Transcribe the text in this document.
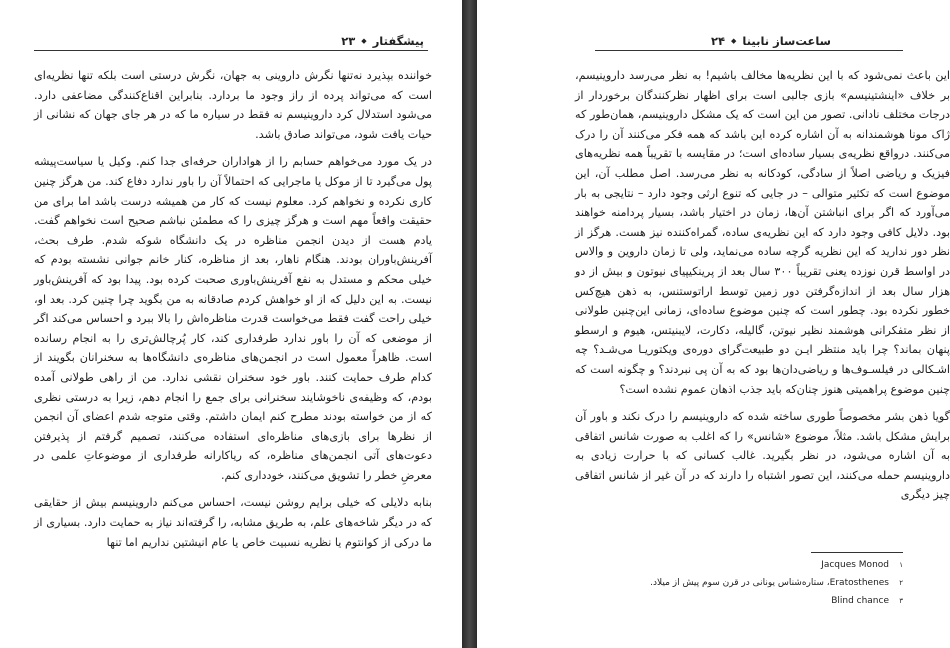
پیشگفتار
◆
۲۳

خواننده بپذیرد نه‌تنها نگرش داروینی به جهان، نگرش درستی است بلکه تنها نظریه‌ای است که می‌تواند پرده از راز وجود ما بردارد. بنابراین اقناع‌کنندگی مضاعفی دارد. می‌شود استدلال کرد داروینیسم نه فقط در سیاره‌ ما که در هر جای جهان که نشانی از حیات یافت شود، می‌تواند صادق باشد.

در یک مورد می‌خواهم حسابم را از هواداران حرفه‌ای جدا کنم. وکیل یا سیاست‌پیشه پول می‌گیرد تا از موکل یا ماجرایی که احتمالاً آن را باور ندارد دفاع کند. من هرگز چنین کاری نکرده و نخواهم کرد. معلوم نیست که کار من همیشه درست باشد اما برای من حقیقت واقعاً مهم است و هرگز چیزی را که مطمئن نباشم صحیح است نخواهم گفت. یادم هست از دیدن انجمن مناظره در یک دانشگاه شوکه شدم. طرف بحث، آفرینش‌باوران بودند. هنگام ناهار، بعد از مناظره، کنار خانم جوانی نشسته بودم که خیلی محکم و مستدل به نفع آفرینش‌باوری صحبت کرده بود. پیدا بود که آفرینش‌باور نیست. به این دلیل که از او خواهش کردم صادقانه به من بگوید چرا چنین کرد. بعد او، خیلی راحت گفت فقط می‌خواست قدرت مناظره‌اش را بالا ببرد و احساس می‌کند اگر از موضعی که آن را باور ندارد طرفداری کند، کار پُرچالش‌تری را به انجام رسانده است. ظاهراً معمول است در انجمن‌های مناظره‌ی دانشگاه‌ها به سخنرانان بگویند از کدام طرف حمایت کنند. باور خود سخنران نقشی ندارد. من از راهی طولانی آمده بودم، که وظیفه‌ی ناخوشایند سخنرانی برای جمع را انجام دهم، زیرا به درستی نظری که از من خواسته بودند مطرح کنم ایمان داشتم. وقتی متوجه شدم اعضای آن انجمن از نظرها برای بازی‌های مناظره‌ای استفاده می‌کنند، تصمیم گرفتم از پذیرفتن دعوت‌های آتی انجمن‌های مناظره، که ریاکارانه طرفداری از موضوعاتِ علمی در معرضِ خطر را تشویق می‌کنند، خودداری کنم.

بنابه دلایلی که خیلی برایم روشن نیست، احساس می‌کنم داروینیسم بیش از حقایقی که در دیگر شاخه‌های علم، به طریق مشابه، را گرفته‌اند نیاز به حمایت دارد. بسیاری از ما درکی از کوانتوم یا نظریه نسبیت خاص یا عام انیشتین نداریم اما تنها

ساعت‌ساز نابینا
◆
۲۴

این باعث نمی‌شود که با این نظریه‌ها مخالف باشیم! به نظر می‌رسد داروینیسم، بر خلاف «اینشتینیسم» بازی جالبی است برای اظهار نظرکنندگان برخوردار از درجات مختلف نادانی. تصور من این است که یک مشکل داروینیسم، همان‌طور که ژاک مونا هوشمندانه به آن اشاره کرده این باشد که همه فکر می‌کنند آن را درک می‌کنند. درواقع نظریه‌ی بسیار ساده‌ای است؛ در مقایسه با تقریباً همه نظریه‌های فیزیک و ریاضی اصلاً از سادگی، کودکانه به نظر می‌رسد. اصل مطلب آن، این موضوع است که تکثیر متوالی – در جایی که تنوع ارثی وجود دارد – نتایجی به بار می‌آورد که اگر برای انباشتن آن‌ها، زمان در اختیار باشد، بسیار پردامنه خواهند بود. دلایل کافی وجود دارد که این نظریه‌ی ساده، گمراه‌کننده نیز هست. هرگز از نظر دور ندارید که این نظریه گرچه ساده می‌نماید، ولی تا زمان داروین و والاس در اواسط قرن نوزده یعنی تقریباً ۳۰۰ سال بعد از پرینکیپیای نیوتون و بیش از دو هزار سال بعد از اندازه‌گرفتن دور زمین توسط اراتوستنس، به ذهن هیچ‌کس خطور نکرده بود. چطور است که چنین موضوع ساده‌ای، زمانی این‌چنین طولانی از نظر متفکرانی هوشمند نظیر نیوتن، گالیله، دکارت، لایبنیتس، هیوم و ارسطو پنهان بماند؟ چرا باید منتظر ایـن دو طبیعت‌گرای دوره‌ی ویکتوریـا می‌شـد؟ چه اشـکالی در فیلسـوف‌ها و ریاضی‌دان‌ها بود که به آن پی نبردند؟ و چگونه است که چنین موضوع پراهمیتی هنوز چنان‌که باید جذب اذهان عموم نشده است؟

گویا ذهن بشر مخصوصاً طوری ساخته شده که داروینیسم را درک نکند و باور آن برایش مشکل باشد. مثلاً، موضوع «شانس» را که اغلب به صورت شانس اتفاقی به آن اشاره می‌شود، در نظر بگیرید. غالب کسانی که با حرارت زیادی به داروینیسم حمله می‌کنند، این تصور اشتباه را دارند که در آن غیر از شانس اتفاقی چیز دیگری

۱
Jacques Monod
۲
Eratosthenes، ستاره‌شناس یونانی در قرن سوم پیش از میلاد.
۳
Blind chance
